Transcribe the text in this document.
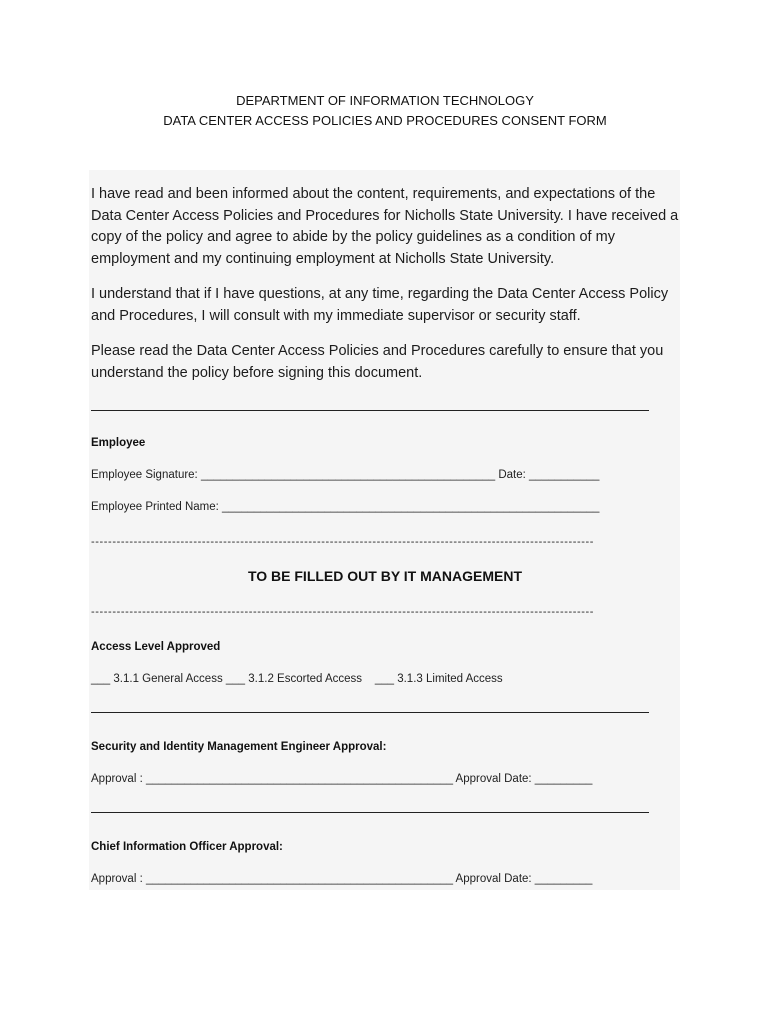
DEPARTMENT OF INFORMATION TECHNOLOGY
DATA CENTER ACCESS POLICIES AND PROCEDURES CONSENT FORM
I have read and been informed about the content, requirements, and expectations of the Data Center Access Policies and Procedures for Nicholls State University. I have received a copy of the policy and agree to abide by the policy guidelines as a condition of my employment and my continuing employment at Nicholls State University.
I understand that if I have questions, at any time, regarding the Data Center Access Policy and Procedures, I will consult with my immediate supervisor or security staff.
Please read the Data Center Access Policies and Procedures carefully to ensure that you understand the policy before signing this document.
Employee
Employee Signature: ______________________________________________ Date: ___________
Employee Printed Name: ___________________________________________________________
----------------------------------------------------------------------------------------------------------------------
TO BE FILLED OUT BY IT MANAGEMENT
----------------------------------------------------------------------------------------------------------------------
Access Level Approved
___ 3.1.1 General Access ___ 3.1.2 Escorted Access    ___ 3.1.3 Limited Access
Security and Identity Management Engineer Approval:
Approval : ________________________________________________ Approval Date: _________
Chief Information Officer Approval:
Approval : ________________________________________________ Approval Date: _________
